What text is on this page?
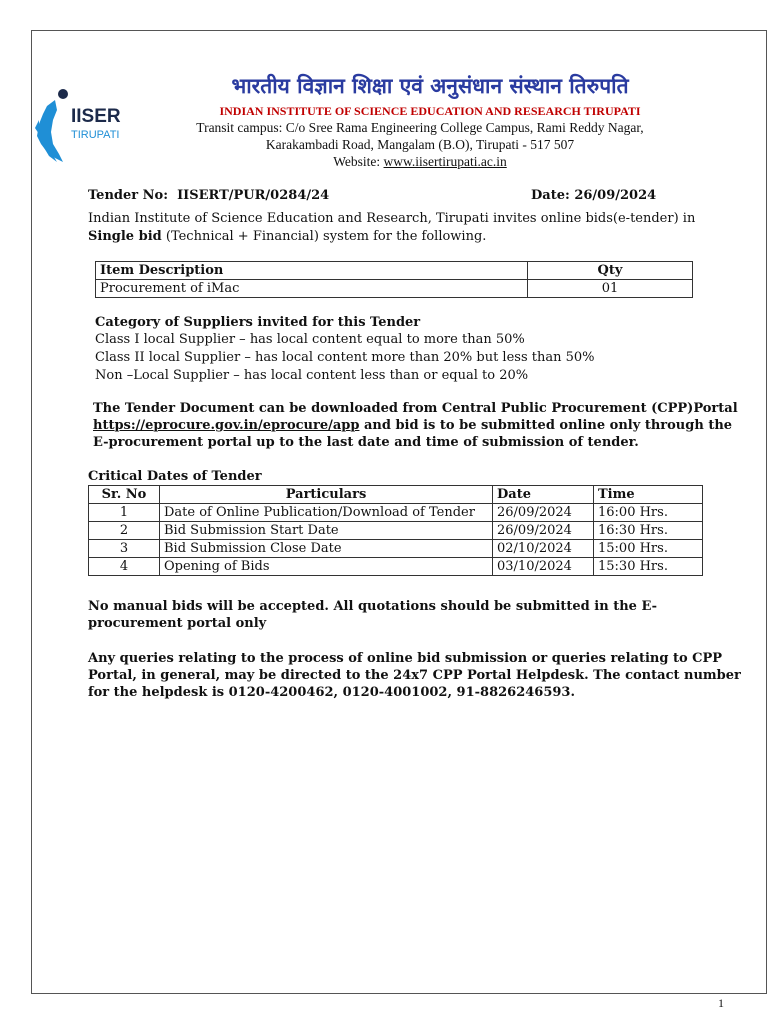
IISER
TIRUPATI
भारतीय विज्ञान शिक्षा एवं अनुसंधान संस्थान तिरुपति
INDIAN INSTITUTE OF SCIENCE EDUCATION AND RESEARCH TIRUPATI
Transit campus: C/o Sree Rama Engineering College Campus, Rami Reddy Nagar,
Karakambadi Road, Mangalam (B.O), Tirupati - 517 507
Website: www.iisertirupati.ac.in
Tender No: IISERT/PUR/0284/24	Date: 26/09/2024
Indian Institute of Science Education and Research, Tirupati invites online bids(e-tender) in
Single bid (Technical + Financial) system for the following.
Item Description	Qty
Procurement of iMac	01
Category of Suppliers invited for this Tender
Class I local Supplier – has local content equal to more than 50%
Class II local Supplier – has local content more than 20% but less than 50%
Non –Local Supplier – has local content less than or equal to 20%
The Tender Document can be downloaded from Central Public Procurement (CPP)Portal
https://eprocure.gov.in/eprocure/app and bid is to be submitted online only through the
E-procurement portal up to the last date and time of submission of tender.
Critical Dates of Tender
Sr. No	Particulars	Date	Time
1	Date of Online Publication/Download of Tender	26/09/2024	16:00 Hrs.
2	Bid Submission Start Date	26/09/2024	16:30 Hrs.
3	Bid Submission Close Date	02/10/2024	15:00 Hrs.
4	Opening of Bids	03/10/2024	15:30 Hrs.
No manual bids will be accepted. All quotations should be submitted in the E-
procurement portal only
Any queries relating to the process of online bid submission or queries relating to CPP
Portal, in general, may be directed to the 24x7 CPP Portal Helpdesk. The contact number
for the helpdesk is 0120-4200462, 0120-4001002, 91-8826246593.
1
